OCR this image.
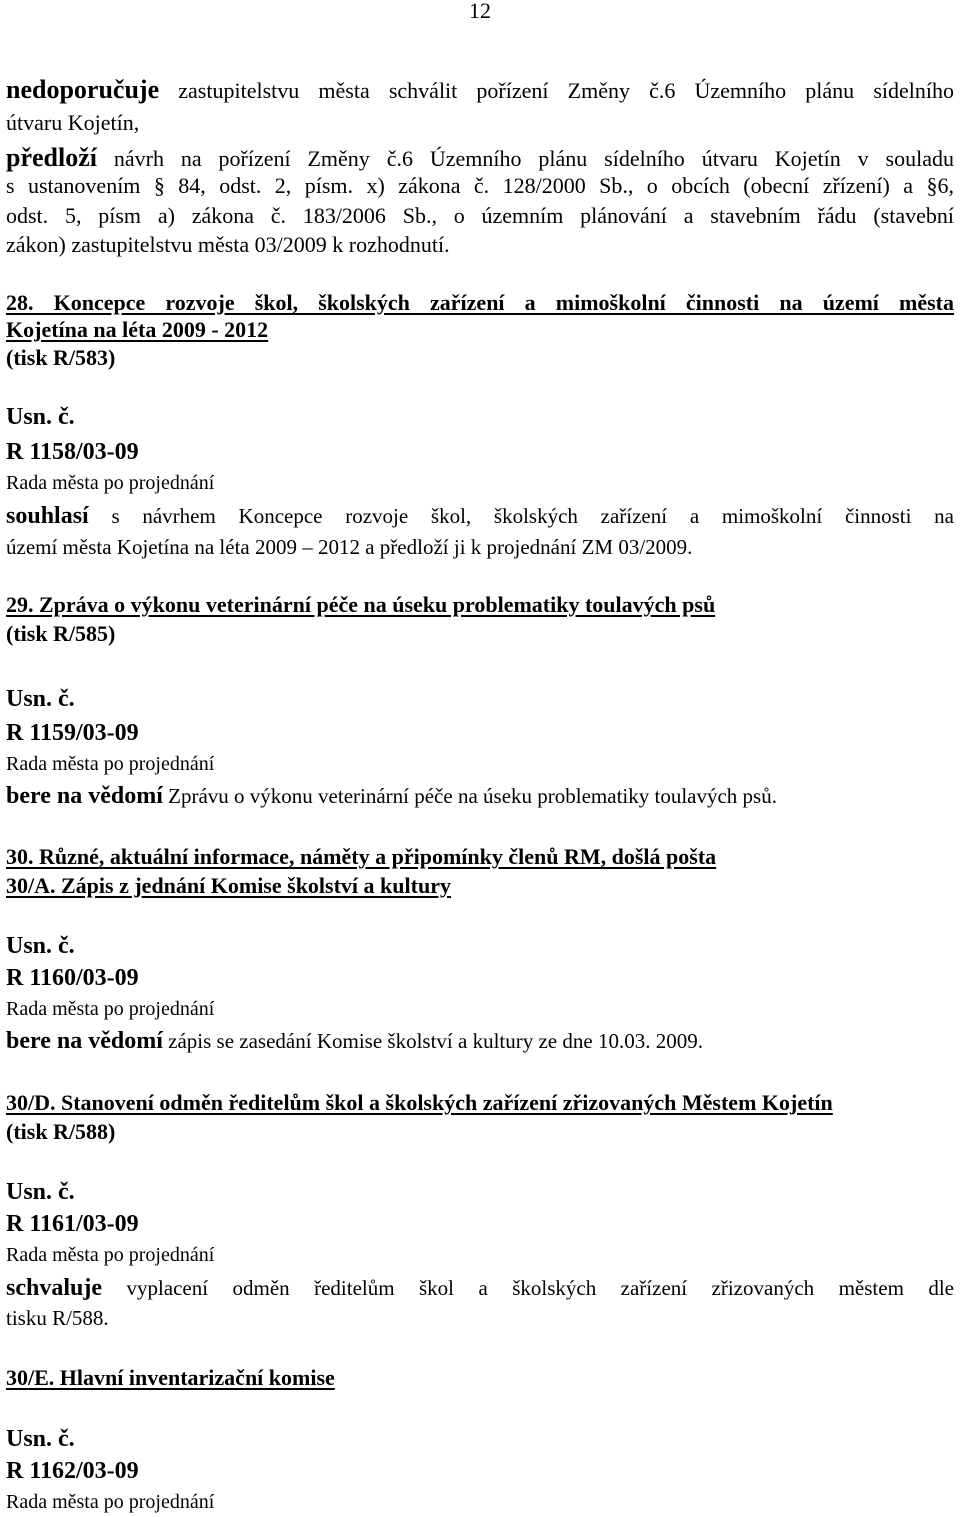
12
nedoporučuje zastupitelstvu města schválit pořízení Změny č.6 Územního plánu sídelního
útvaru Kojetín,
předloží návrh na pořízení Změny č.6 Územního plánu sídelního útvaru Kojetín v souladu
s ustanovením § 84, odst. 2, písm. x) zákona č. 128/2000 Sb., o obcích (obecní zřízení) a §6,
odst. 5, písm a) zákona č. 183/2006 Sb., o územním plánování a stavebním řádu (stavební
zákon) zastupitelstvu města 03/2009 k rozhodnutí.
28. Koncepce rozvoje škol, školských zařízení a mimoškolní činnosti na území města
Kojetína na léta 2009 - 2012
(tisk R/583)
Usn. č.
R 1158/03-09
Rada města po projednání
souhlasí s návrhem Koncepce rozvoje škol, školských zařízení a mimoškolní činnosti na
území města Kojetína na léta 2009 – 2012 a předloží ji k projednání ZM 03/2009.
29. Zpráva o výkonu veterinární péče na úseku problematiky toulavých psů
(tisk R/585)
Usn. č.
R 1159/03-09
Rada města po projednání
bere na vědomí Zprávu o výkonu veterinární péče na úseku problematiky toulavých psů.
30. Různé, aktuální informace, náměty a připomínky členů RM, došlá pošta
30/A. Zápis z jednání Komise školství a kultury
Usn. č.
R 1160/03-09
Rada města po projednání
bere na vědomí zápis se zasedání Komise školství a kultury ze dne 10.03. 2009.
30/D. Stanovení odměn ředitelům škol a školských zařízení zřizovaných Městem Kojetín
(tisk R/588)
Usn. č.
R 1161/03-09
Rada města po projednání
schvaluje vyplacení odměn ředitelům škol a školských zařízení zřizovaných městem dle
tisku R/588.
30/E. Hlavní inventarizační komise
Usn. č.
R 1162/03-09
Rada města po projednání
